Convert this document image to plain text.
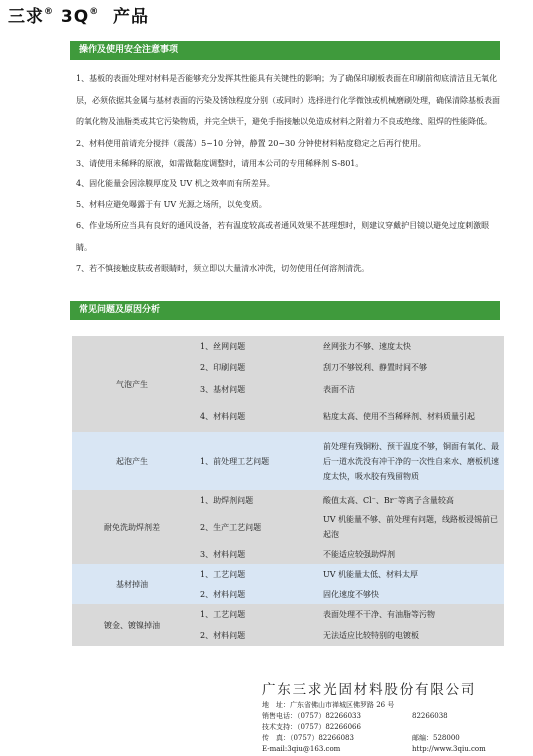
三求® 3Q® 产品
操作及使用安全注意事项
1、基板的表面处理对材料是否能够充分发挥其性能具有关键性的影响；为了确保印刷板表面在印刷前彻底清洁且无氧化层，必须依据其金属与基材表面的污染及锈蚀程度分别（或同时）选择进行化学微蚀或机械磨刷处理，确保清除基板表面的氧化物及油脂类或其它污染物质，并完全烘干，避免手指接触以免造成材料之附着力不良或绝缘、阻焊的性能降低。
2、材料使用前请充分搅拌（震荡）5~10 分钟，静置 20~30 分钟使材料粘度稳定之后再行使用。
3、请使用未稀释的原液，如需做黏度调整时，请用本公司的专用稀释剂 S-801。
4、固化能量会因涂膜厚度及 UV 机之效率而有所差异。
5、材料应避免曝露于有 UV 光源之场所，以免变质。
6、作业场所应当具有良好的通风设备，若有温度较高或者通风效果不甚理想时，则建议穿戴护目镜以避免过度刺激眼睛。
7、若不慎接触皮肤或者眼睛时，须立即以大量清水冲洗，切勿使用任何溶剂清洗。
常见问题及原因分析
气泡产生	1、丝网问题	丝网张力不够、速度太快
	2、印刷问题	刮刀不够锐利、静置时间不够
	3、基材问题	表面不洁
	4、材料问题	粘度太高、使用不当稀释剂、材料质量引起
起泡产生	1、前处理工艺问题	前处理有残铜粉、预干温度不够，铜面有氧化、最后一道水洗没有冲干净的一次性自来水、磨板机速度太快，吸水胶有残留物质
耐免洗助焊剂差	1、助焊剂问题	酸值太高、Cl⁻、Br⁻等离子含量较高
	2、生产工艺问题	UV 机能量不够、前处理有问题，线路板浸锡前已起泡
	3、材料问题	不能适应较强助焊剂
基材掉油	1、工艺问题	UV 机能量太低、材料太厚
	2、材料问题	固化速度不够快
镀金、镀镍掉油	1、工艺问题	表面处理不干净、有油脂等污物
	2、材料问题	无法适应比较特别的电镀板
广东三求光固材料股份有限公司
地　址：广东省佛山市禅城区佛罗路 26 号
销售电话：（0757）82266033	82266038
技术支持：（0757）82266066
传　真：（0757）82266083	邮编：528000
E-mail:3qiu@163.com	http://www.3qiu.com
